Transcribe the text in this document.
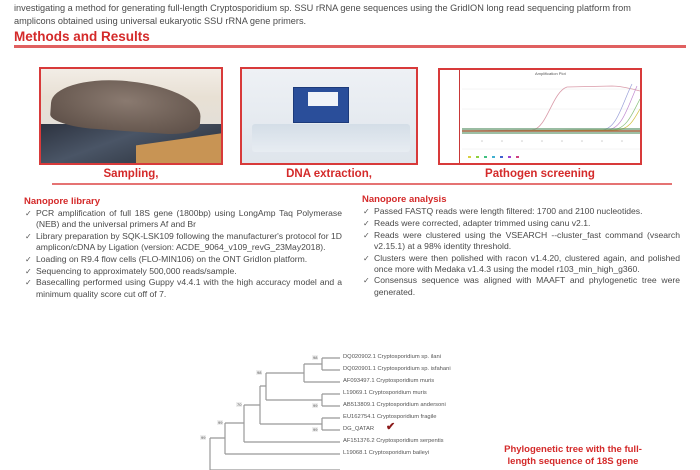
investigating a method for generating full-length Cryptosporidium sp. SSU rRNA gene sequences using the GridION long read sequencing platform from
amplicons obtained using universal eukaryotic SSU rRNA gene primers.
Methods and Results
Sampling,	DNA extraction,
Amplification Plot
Pathogen screening
Nanopore library
✓ PCR amplification of full 18S gene (1800bp) using LongAmp Taq Polymerase (NEB) and the universal primers Af and Br
✓ Library preparation by SQK-LSK109 following the manufacturer's protocol for 1D amplicon/cDNA by Ligation (version: ACDE_9064_v109_revG_23May2018).
✓ Loading on R9.4 flow cells (FLO-MIN106) on the ONT GridIon platform.
✓ Sequencing to approximately 500,000 reads/sample.
✓ Basecalling performed using Guppy v4.4.1 with the high accuracy model and a minimum quality score cut off of 7.
Nanopore analysis
✓ Passed FASTQ reads were length filtered: 1700 and 2100 nucleotides.
✓ Reads were corrected, adapter trimmed using canu v2.1.
✓ Reads were clustered using the VSEARCH --cluster_fast command (vsearch v2.15.1) at a 98% identity threshold.
✓ Clusters were then polished with racon v1.4.20, clustered again, and polished once more with Medaka v1.4.3 using the model r103_min_high_g360.
✓ Consensus sequence was aligned with MAAFT and phylogenetic tree were generated.
98
99
99
98
70
99
99
DQ020902.1 Cryptosporidium sp. ilani
DQ020901.1 Cryptosporidium sp. isfahani
AF093497.1 Cryptosporidium muris
L19069.1 Cryptosporidium muris
AB513809.1 Cryptosporidium andersoni
EU162754.1 Cryptosporidium fragile
DG_QATAR ✔
AF151376.2 Cryptosporidium serpentis
L19068.1 Cryptosporidium baileyi	Phylogenetic tree with the full-
length sequence of 18S gene
